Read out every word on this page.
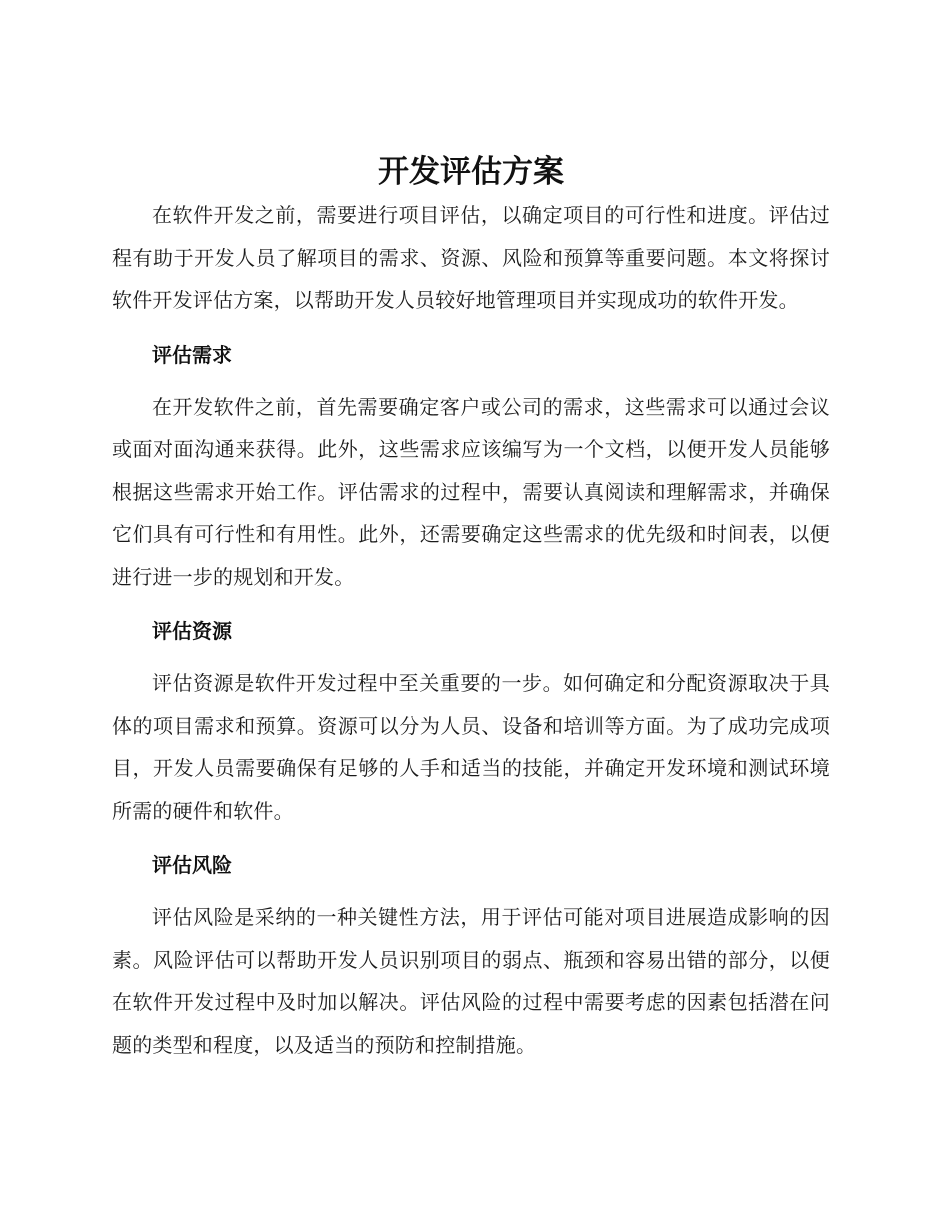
开发评估方案

在软件开发之前，需要进行项目评估，以确定项目的可行性和进度。评估过程有助于开发人员了解项目的需求、资源、风险和预算等重要问题。本文将探讨软件开发评估方案，以帮助开发人员较好地管理项目并实现成功的软件开发。

评估需求

在开发软件之前，首先需要确定客户或公司的需求，这些需求可以通过会议或面对面沟通来获得。此外，这些需求应该编写为一个文档，以便开发人员能够根据这些需求开始工作。评估需求的过程中，需要认真阅读和理解需求，并确保它们具有可行性和有用性。此外，还需要确定这些需求的优先级和时间表，以便进行进一步的规划和开发。

评估资源

评估资源是软件开发过程中至关重要的一步。如何确定和分配资源取决于具体的项目需求和预算。资源可以分为人员、设备和培训等方面。为了成功完成项目，开发人员需要确保有足够的人手和适当的技能，并确定开发环境和测试环境所需的硬件和软件。

评估风险

评估风险是采纳的一种关键性方法，用于评估可能对项目进展造成影响的因素。风险评估可以帮助开发人员识别项目的弱点、瓶颈和容易出错的部分，以便在软件开发过程中及时加以解决。评估风险的过程中需要考虑的因素包括潜在问题的类型和程度，以及适当的预防和控制措施。
